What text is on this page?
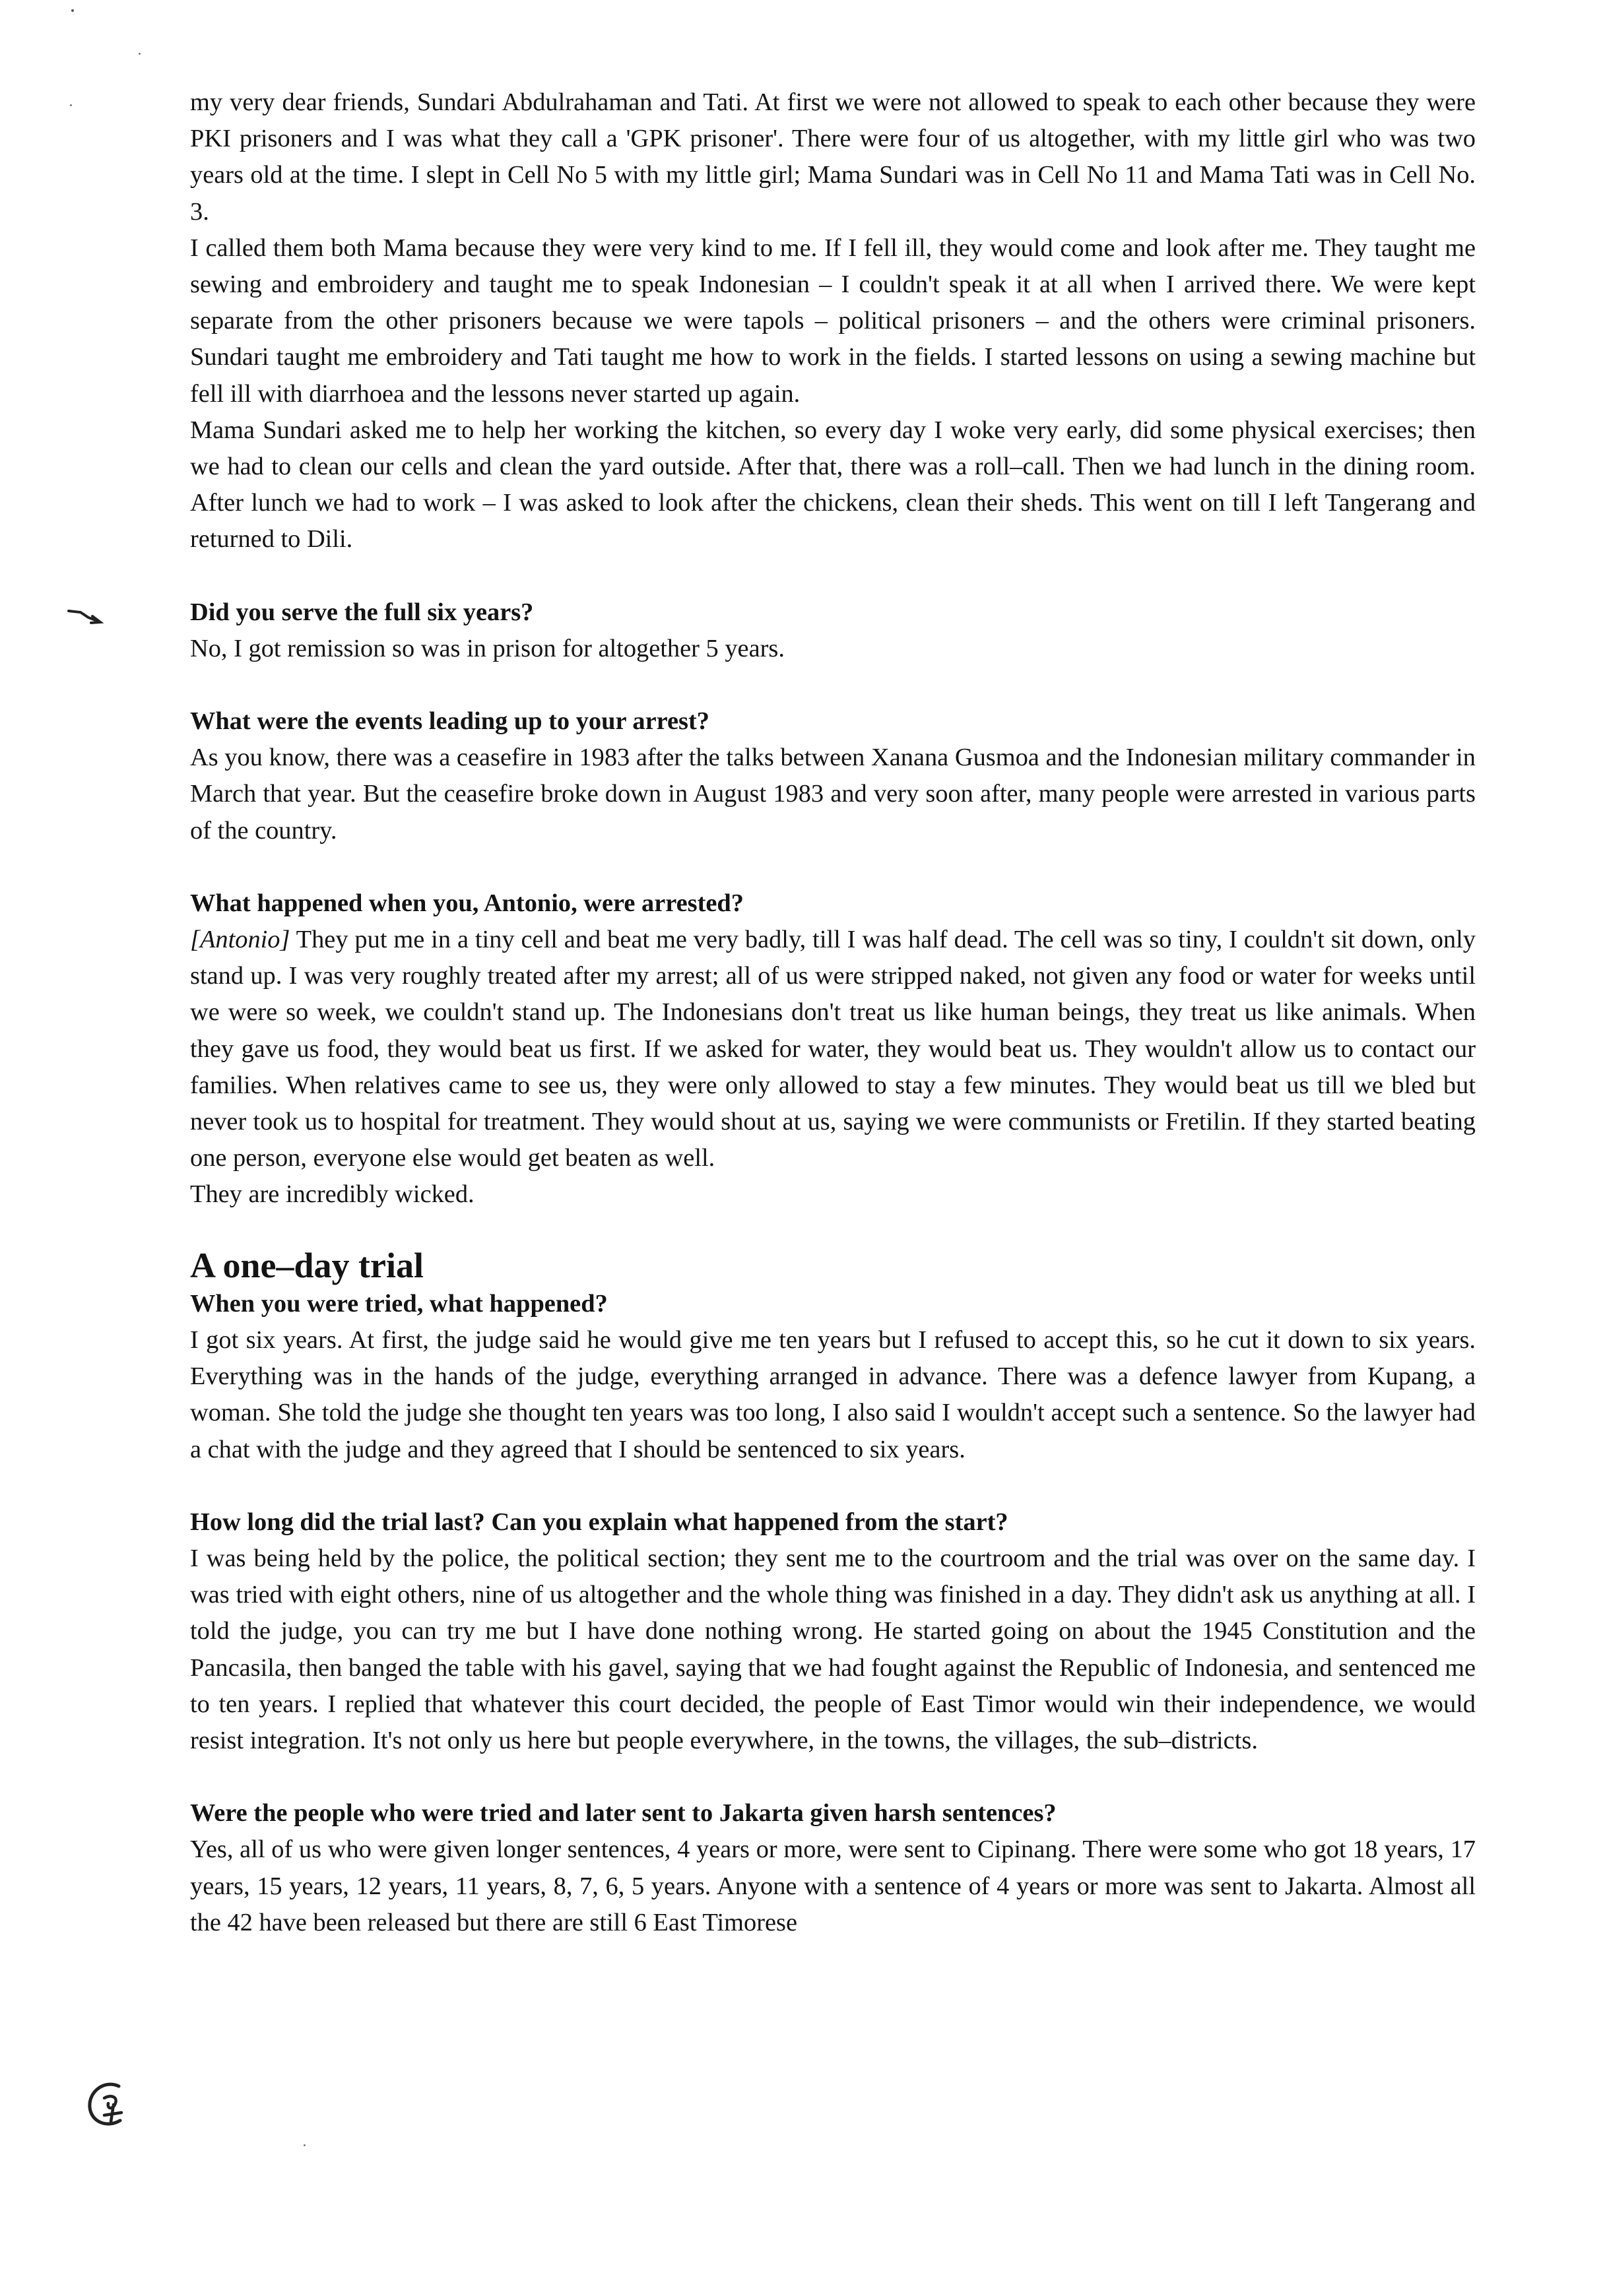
my very dear friends, Sundari Abdulrahaman and Tati. At first we were not allowed to speak to each other because they were PKI prisoners and I was what they call a 'GPK prisoner'. There were four of us altogether, with my little girl who was two years old at the time. I slept in Cell No 5 with my little girl; Mama Sundari was in Cell No 11 and Mama Tati was in Cell No. 3.

I called them both Mama because they were very kind to me. If I fell ill, they would come and look after me. They taught me sewing and embroidery and taught me to speak Indonesian – I couldn't speak it at all when I arrived there. We were kept separate from the other prisoners because we were tapols – political prisoners – and the others were criminal prisoners. Sundari taught me embroidery and Tati taught me how to work in the fields. I started lessons on using a sewing machine but fell ill with diarrhoea and the lessons never started up again.

Mama Sundari asked me to help her working the kitchen, so every day I woke very early, did some physical exercises; then we had to clean our cells and clean the yard outside. After that, there was a roll–call. Then we had lunch in the dining room. After lunch we had to work – I was asked to look after the chickens, clean their sheds. This went on till I left Tangerang and returned to Dili.

Did you serve the full six years?

No, I got remission so was in prison for altogether 5 years.

What were the events leading up to your arrest?

As you know, there was a ceasefire in 1983 after the talks between Xanana Gusmoa and the Indonesian military commander in March that year. But the ceasefire broke down in August 1983 and very soon after, many people were arrested in various parts of the country.

What happened when you, Antonio, were arrested?

[Antonio] They put me in a tiny cell and beat me very badly, till I was half dead. The cell was so tiny, I couldn't sit down, only stand up. I was very roughly treated after my arrest; all of us were stripped naked, not given any food or water for weeks until we were so week, we couldn't stand up. The Indonesians don't treat us like human beings, they treat us like animals. When they gave us food, they would beat us first. If we asked for water, they would beat us. They wouldn't allow us to contact our families. When relatives came to see us, they were only allowed to stay a few minutes. They would beat us till we bled but never took us to hospital for treatment. They would shout at us, saying we were communists or Fretilin. If they started beating one person, everyone else would get beaten as well.

They are incredibly wicked.

A one–day trial

When you were tried, what happened?

I got six years. At first, the judge said he would give me ten years but I refused to accept this, so he cut it down to six years. Everything was in the hands of the judge, everything arranged in advance. There was a defence lawyer from Kupang, a woman. She told the judge she thought ten years was too long, I also said I wouldn't accept such a sentence. So the lawyer had a chat with the judge and they agreed that I should be sentenced to six years.

How long did the trial last? Can you explain what happened from the start?

I was being held by the police, the political section; they sent me to the courtroom and the trial was over on the same day. I was tried with eight others, nine of us altogether and the whole thing was finished in a day. They didn't ask us anything at all. I told the judge, you can try me but I have done nothing wrong. He started going on about the 1945 Constitution and the Pancasila, then banged the table with his gavel, saying that we had fought against the Republic of Indonesia, and sentenced me to ten years. I replied that whatever this court decided, the people of East Timor would win their independence, we would resist integration. It's not only us here but people everywhere, in the towns, the villages, the sub–districts.

Were the people who were tried and later sent to Jakarta given harsh sentences?

Yes, all of us who were given longer sentences, 4 years or more, were sent to Cipinang. There were some who got 18 years, 17 years, 15 years, 12 years, 11 years, 8, 7, 6, 5 years. Anyone with a sentence of 4 years or more was sent to Jakarta. Almost all the 42 have been released but there are still 6 East Timorese
